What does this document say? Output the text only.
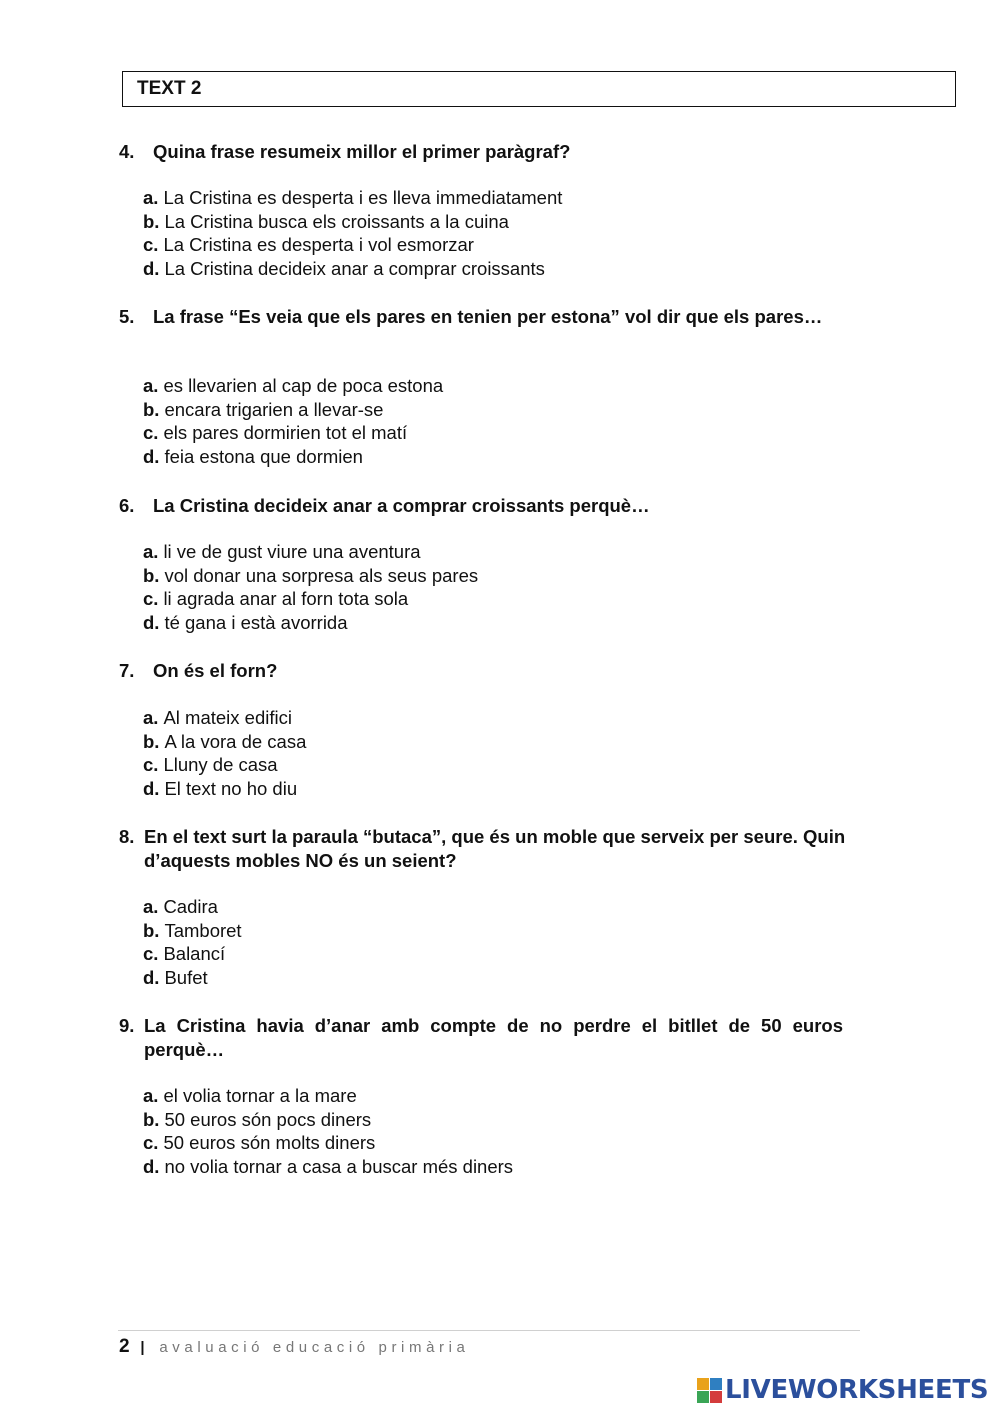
TEXT 2
4. Quina frase resumeix millor el primer paràgraf?
a. La Cristina es desperta i es lleva immediatament
b. La Cristina busca els croissants a la cuina
c. La Cristina es desperta i vol esmorzar
d. La Cristina decideix anar a comprar croissants
5. La frase “Es veia que els pares en tenien per estona” vol dir que els pares…
a. es llevarien al cap de poca estona
b. encara trigarien a llevar-se
c. els pares dormirien tot el matí
d. feia estona que dormien
6. La Cristina decideix anar a comprar croissants perquè…
a. li ve de gust viure una aventura
b. vol donar una sorpresa als seus pares
c. li agrada anar al forn tota sola
d. té gana i està avorrida
7. On és el forn?
a. Al mateix edifici
b. A la vora de casa
c. Lluny de casa
d. El text no ho diu
8. En el text surt la paraula “butaca”, que és un moble que serveix per seure. Quin d’aquests mobles NO és un seient?
a. Cadira
b. Tamboret
c. Balancí
d. Bufet
9. La Cristina havia d’anar amb compte de no perdre el bitllet de 50 euros perquè…
a. el volia tornar a la mare
b. 50 euros són pocs diners
c. 50 euros són molts diners
d. no volia tornar a casa a buscar més diners
2 | avaluació educació primària
LIVEWORKSHEETS
